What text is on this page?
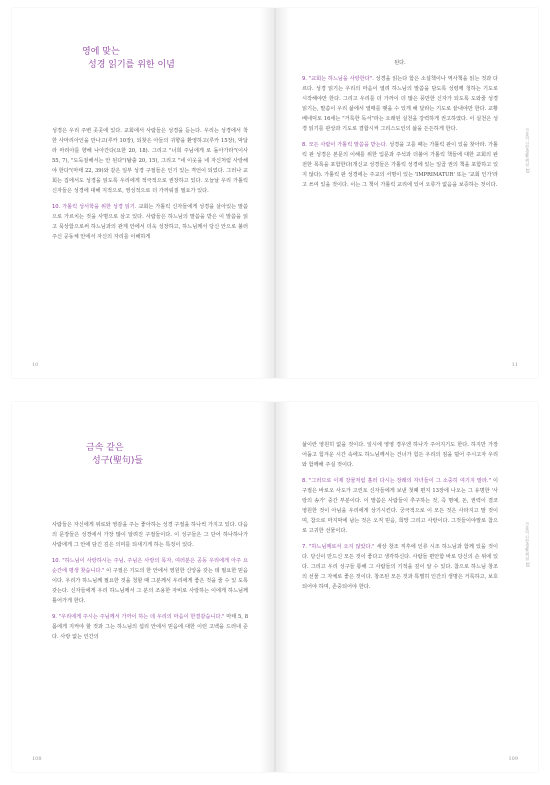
영에 맞는
성경 읽기를 위한 이념

성경은 우리 주변 곳곳에 있다. 교회에서 사람들은 성경을 듣는다. 우리는 성경에서 착한 사마리아인을 만나고(루카 10장), 되찾은 아들의 귀향을 환영하고(루카 15장), 막달라 마리아를 향해 나아간다(요한 20, 18). 그리고 "너희 주님에게 로 돌아가라"(이사 55, 7), "도둑질해서는 안 된다"(탈출 20, 15), 그리고 "네 이웃을 네 자신처럼 사랑해야 한다"(마태 22, 39)와 같은 일부 성경 구절들은 인기 있는 격언이 되었다. 그러나 교회는 집에서도 성경을 읽도록 우리에게 적극적으로 권장하고 있다. 오늘날 우리 가톨릭 신자들은 성경에 대해 지적으로, 영성적으로 더 가까워질 필요가 있다.

10. 가톨릭 성서학을 위한 성경 읽기. 교회는 가톨릭 신자들에게 성경을 살아있는 말씀으로 가르치는 것을 사명으로 삼고 있다. 사람들은 하느님의 말씀을 받은 이 말씀을 읽고 묵상함으로써 하느님과의 관계 안에서 더욱 성장하고, 하느님께서 당신 안으로 불러 주신 공동체 안에서 자신의 자리를 이해하게

10

된다.

9. "교회는 하느님을 사랑한다". 성경을 읽는다 함은 소설책이나 역사책을 읽는 것과 다르다. 성경 읽기는 우리의 마음이 열려 하느님의 말씀을 담도록 성령께 청하는 기도로 시작해야만 한다. 그리고 우리를 더 가까이 더 많은 풍만한 신자가 되도록 도와줄 성경 읽기는, 말씀이 우리 삶에서 열매를 맺을 수 있게 해 달라는 기도로 끝내야만 한다. 교황 베네딕토 16세는 "거룩한 독서"라는 오래된 실천을 강력하게 권고하였다. 이 실천은 성경 읽기를 관상과 기도로 결합시켜 그리스도인의 삶을 든든하게 한다.

8. 모든 사람이 가톨릭 말씀을 받는다. 성경을 고를 때는 가톨릭 판이 있을 찾아라. 가톨릭 판 성경은 본문의 이해를 위한 입문과 주석과 더불어 가톨릭 책들에 대한 교회의 완전한 목록을 포함한다(개신교 성경들은 가톨릭 성경에 있는 일곱 권의 책을 포함하고 있지 않다). 가톨릭 판 성경에는 주교의 서명이 있는 'IMPRIMATUR' 또는 '교회 인가'라고 쓰여 있을 것이다. 이는 그 책이 가톨릭 교리에 있어 오류가 없음을 보증하는 것이다.

가톨릭 신앙생활 핵심 10
11
금속 같은
성구(聖句)들

사람들은 자신에게 위로와 영감을 주는 좋아하는 성경 구절을 하나씩 가지고 있다. 다음의 문장들은 성경에서 가장 많이 알려진 구절들이다. 이 성구들은 그 단어 하나하나가 사람에게 그 안에 담긴 깊은 의미를 되새기게 하는 특징이 있다.

10. "하느님이 사랑하시는 주님, 주님은 사랑의 목자, 여러분은 공동 우리에게 아주 요 순간에 평생 찾습니다." 이 구절은 기도의 한 안에서 영원한 신앙을 갖는 데 필요한 믿음이다. 우리가 하느님께 필요한 것을 청할 때 그분께서 우리에게 좋은 것을 줄 수 있 도록 갖는다. 신자들에게 우리 하느님께서 그 분의 조용한 자비로 사랑하는 이에게 하느님께 틀어가게 한다.

9. "우리에게 주시는 주님께서 가까이 하는 데 우리의 마음이 한결같습니다." 마태 5, 8 몸에게 지켜야 할 것과 그는 하느님의 섭리 안에서 믿음에 대한 이런 고백을 드러내 준다. 사랑 없는 인간의

108

삶이란 영원히 없을 것이다. 일시에 영영 경우엔 하나가 주어지기도 한다. 하지만 가장 어둡고 힘겨운 시간 속에도 하느님께서는 건너가 힘든 우리의 짐을 덜어 주시고자 우리와 함께해 주실 것이다.

8. "그러므로 이제 강물처럼 흘러 다시는 장래의 자녀들이 그 소중히 여기지 말라." 이 구절은 바로오 사도가 고린토 신자들에게 보낸 첫째 편지 13장에 나오는 그 유명한 '사랑의 송가' 중간 부분이다. 이 말씀은 사람들이 추구하는 것, 즉 명예, 돈, 권력이 결코 영원한 것이 아님을 우리에게 상기시킨다. 궁극적으로 이 모든 것은 사라지고 말 것이며, 참으로 마지막에 남는 것은 오직 믿음, 희망 그리고 사랑이다. 그것들이야말로 참으로 고귀한 선물이다.

7. "하느님께로서 오지 않았다." 세상 창조 직후에 인류 시조 하느님과 함께 있을 것이다. 당신이 만드신 모든 것이 좋다고 생각하신다. 사람들 편안함 바로 당신의 손 위에 있다. 그리고 우리 성구들 통해 그 사람들의 기적을 깊이 알 수 있다. 참으로 하느님 창조의 선물 그 자체로 좋은 것이다. 창조된 모든 것과 특별히 인간의 생명은 거룩하고, 보호되어야 하며, 존중되어야 한다.

가톨릭 신앙생활 핵심 10
109
